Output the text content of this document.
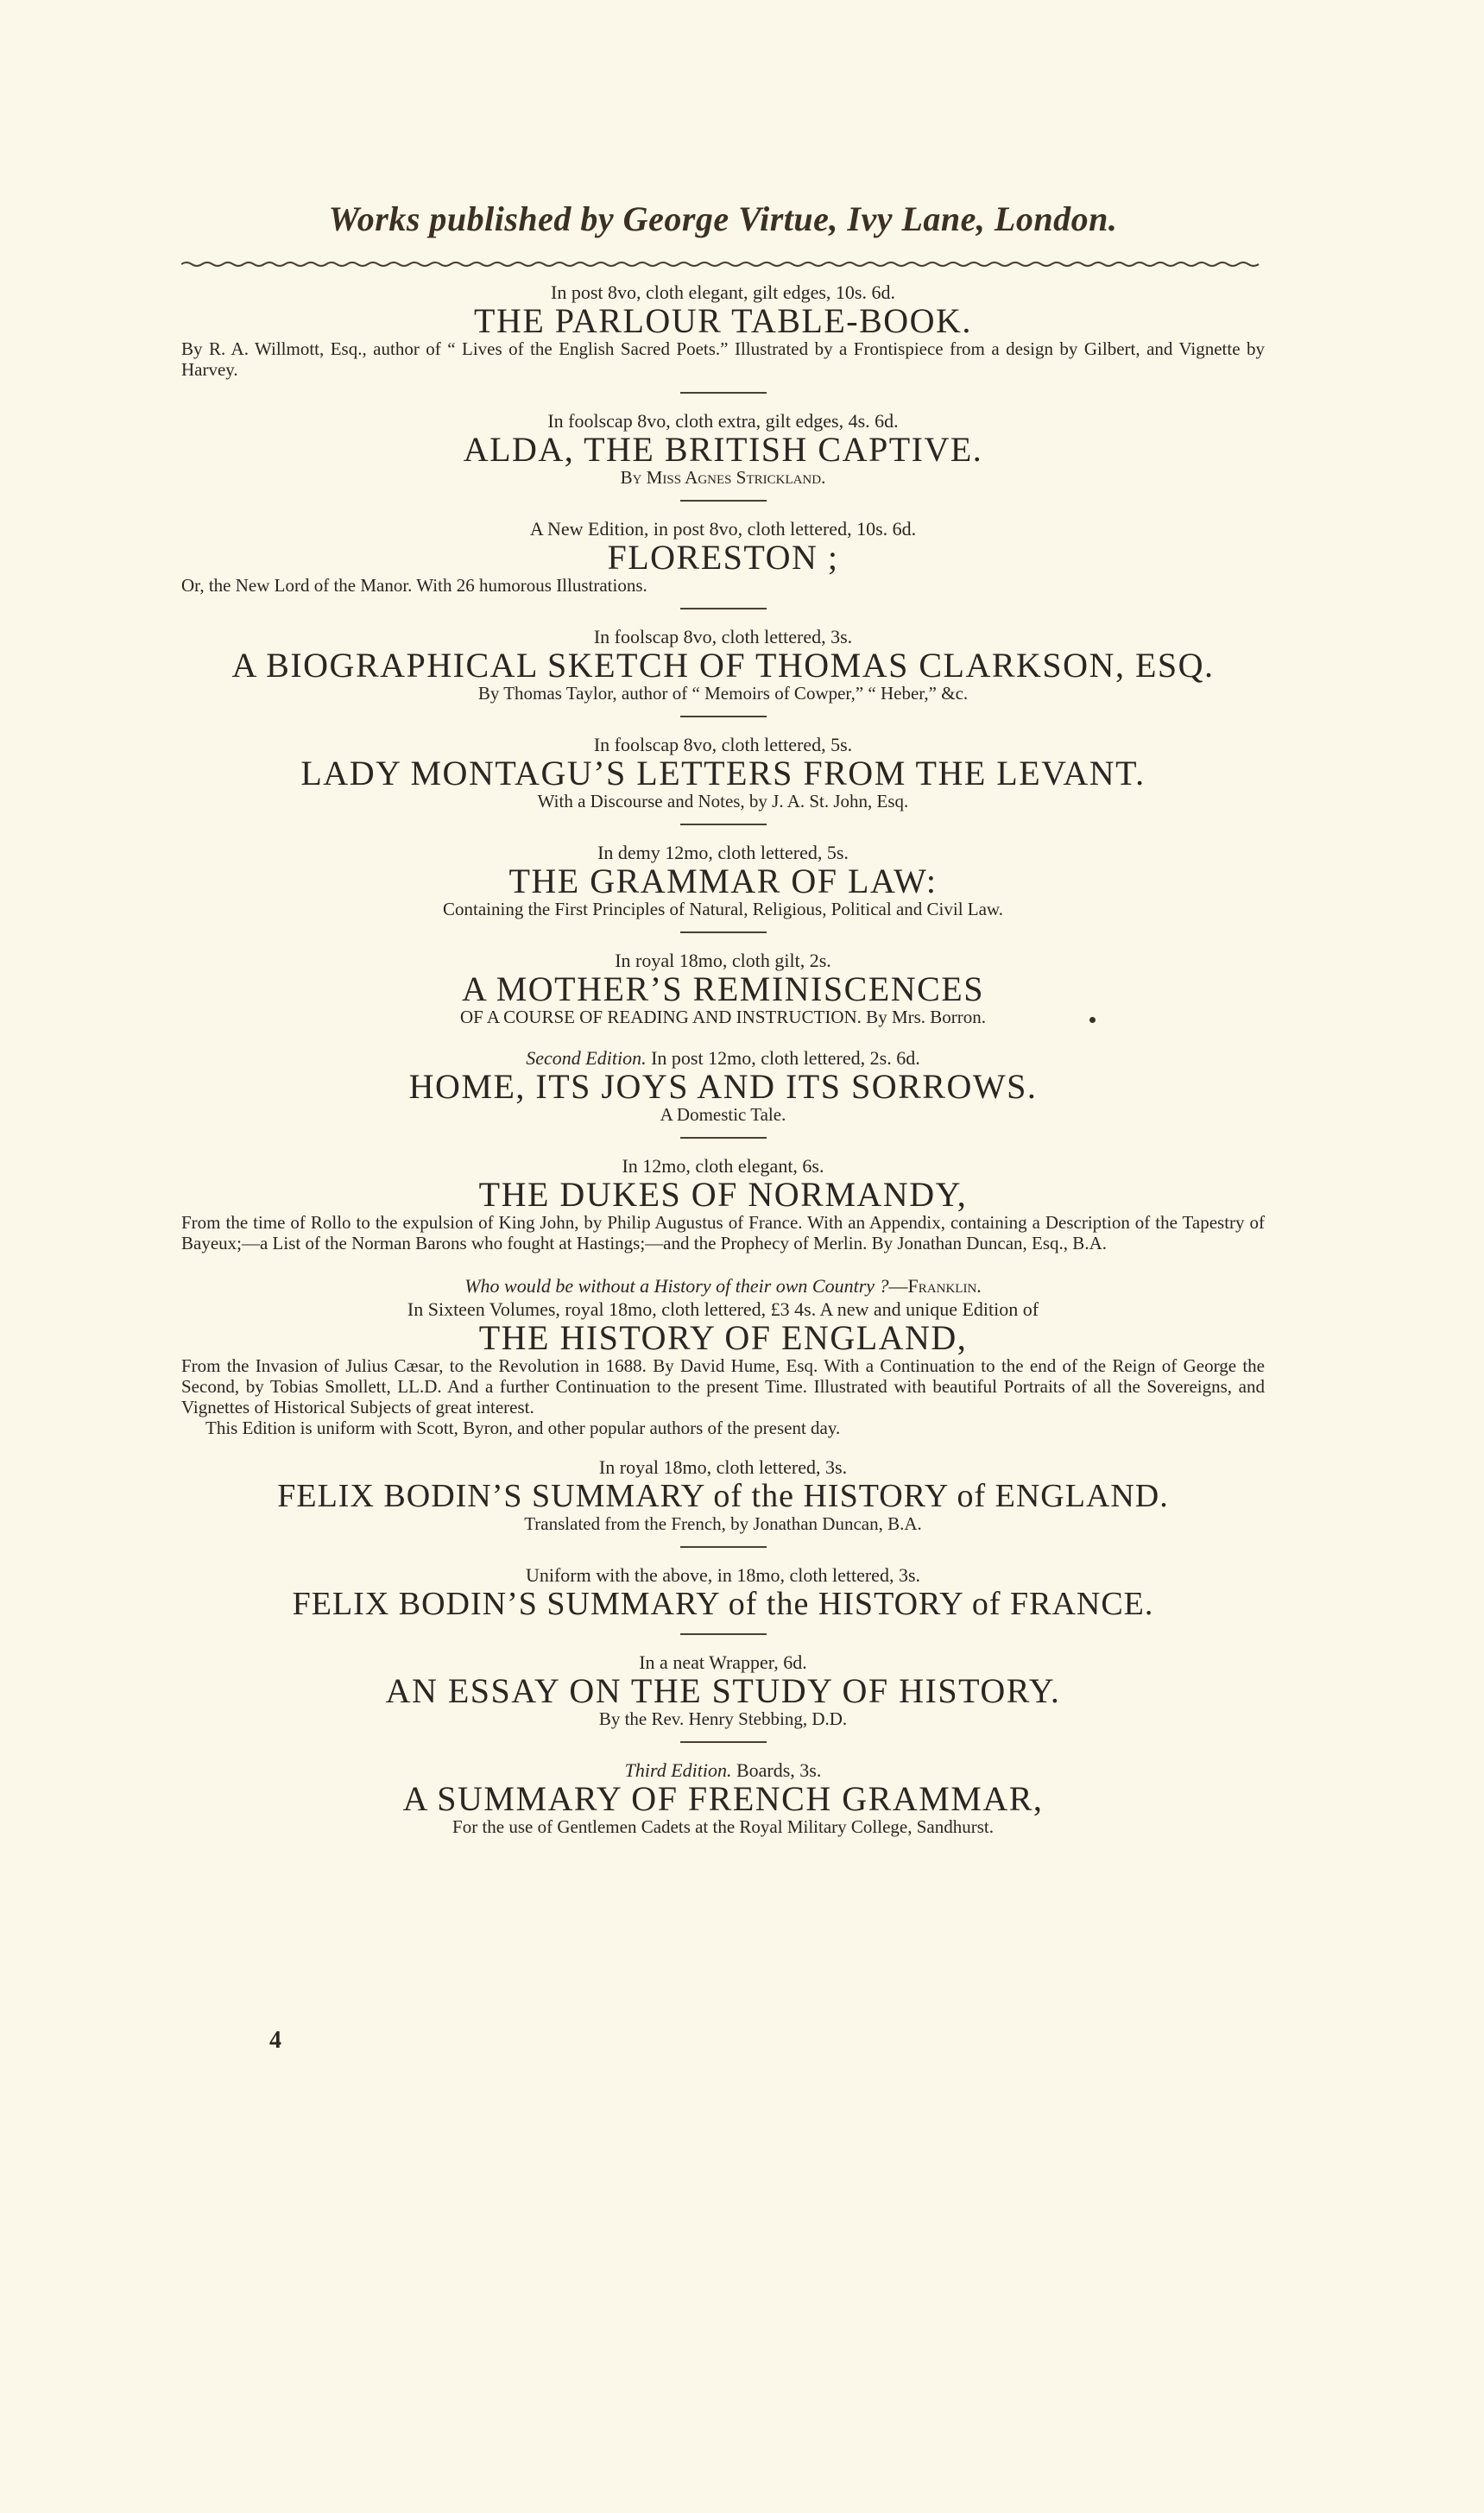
Works published by George Virtue, Ivy Lane, London.

In post 8vo, cloth elegant, gilt edges, 10s. 6d.

THE PARLOUR TABLE-BOOK.

By R. A. Willmott, Esq., author of “ Lives of the English Sacred Poets.” Illustrated by a Frontispiece from a design by Gilbert, and Vignette by Harvey.

In foolscap 8vo, cloth extra, gilt edges, 4s. 6d.

ALDA, THE BRITISH CAPTIVE.

By Miss Agnes Strickland.

A New Edition, in post 8vo, cloth lettered, 10s. 6d.

FLORESTON ;

Or, the New Lord of the Manor. With 26 humorous Illustrations.

In foolscap 8vo, cloth lettered, 3s.

A BIOGRAPHICAL SKETCH OF THOMAS CLARKSON, ESQ.

By Thomas Taylor, author of “ Memoirs of Cowper,” “ Heber,” &c.

In foolscap 8vo, cloth lettered, 5s.

LADY MONTAGU’S LETTERS FROM THE LEVANT.

With a Discourse and Notes, by J. A. St. John, Esq.

In demy 12mo, cloth lettered, 5s.

THE GRAMMAR OF LAW:

Containing the First Principles of Natural, Religious, Political and Civil Law.

In royal 18mo, cloth gilt, 2s.

A MOTHER’S REMINISCENCES

OF A COURSE OF READING AND INSTRUCTION. By Mrs. Borron.

Second Edition. In post 12mo, cloth lettered, 2s. 6d.

HOME, ITS JOYS AND ITS SORROWS.

A Domestic Tale.

In 12mo, cloth elegant, 6s.

THE DUKES OF NORMANDY,

From the time of Rollo to the expulsion of King John, by Philip Augustus of France. With an Appendix, containing a Description of the Tapestry of Bayeux;—a List of the Norman Barons who fought at Hastings;—and the Prophecy of Merlin. By Jonathan Duncan, Esq., B.A.

Who would be without a History of their own Country ?—Franklin.

In Sixteen Volumes, royal 18mo, cloth lettered, £3 4s. A new and unique Edition of

THE HISTORY OF ENGLAND,

From the Invasion of Julius Cæsar, to the Revolution in 1688. By David Hume, Esq. With a Continuation to the end of the Reign of George the Second, by Tobias Smollett, LL.D. And a further Continuation to the present Time. Illustrated with beautiful Portraits of all the Sovereigns, and Vignettes of Historical Subjects of great interest.

This Edition is uniform with Scott, Byron, and other popular authors of the present day.

In royal 18mo, cloth lettered, 3s.

FELIX BODIN’S SUMMARY of the HISTORY of ENGLAND.

Translated from the French, by Jonathan Duncan, B.A.

Uniform with the above, in 18mo, cloth lettered, 3s.

FELIX BODIN’S SUMMARY of the HISTORY of FRANCE.

In a neat Wrapper, 6d.

AN ESSAY ON THE STUDY OF HISTORY.

By the Rev. Henry Stebbing, D.D.

Third Edition. Boards, 3s.

A SUMMARY OF FRENCH GRAMMAR,

For the use of Gentlemen Cadets at the Royal Military College, Sandhurst.

4
